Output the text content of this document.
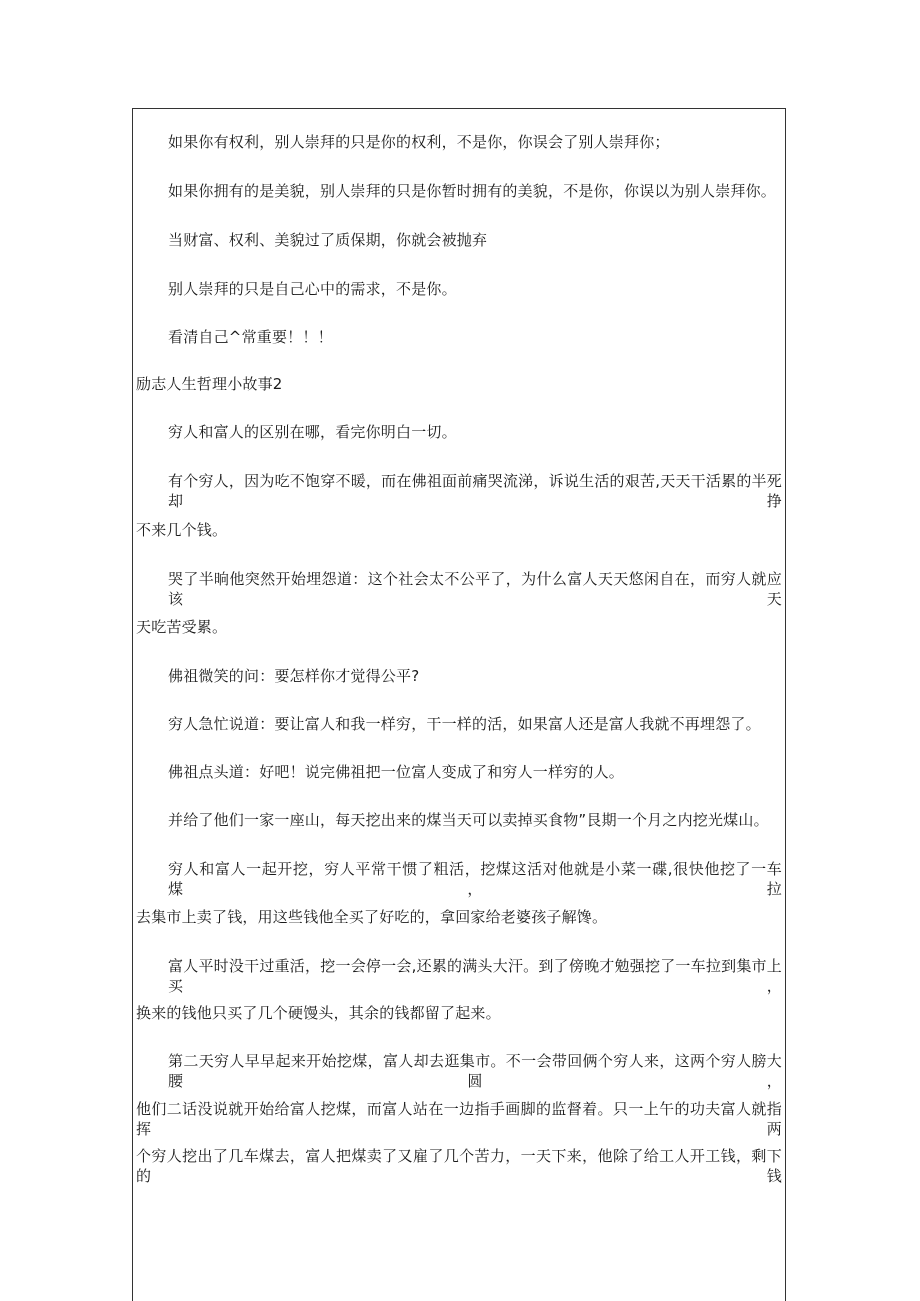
如果你有权利，别人崇拜的只是你的权利，不是你，你误会了别人崇拜你；
如果你拥有的是美貌，别人崇拜的只是你暂时拥有的美貌，不是你，你误以为别人崇拜你。
当财富、权利、美貌过了质保期，你就会被抛弃
别人崇拜的只是自己心中的需求，不是你。
看清自己^常重要！！！
励志人生哲理小故事2
穷人和富人的区别在哪，看完你明白一切。
有个穷人，因为吃不饱穿不暖，而在佛祖面前痛哭流涕，诉说生活的艰苦,天天干活累的半死却挣
不来几个钱。
哭了半晌他突然开始埋怨道：这个社会太不公平了，为什么富人天天悠闲自在，而穷人就应该天
天吃苦受累。
佛祖微笑的问：要怎样你才觉得公平?
穷人急忙说道：要让富人和我一样穷，干一样的活，如果富人还是富人我就不再埋怨了。
佛祖点头道：好吧！说完佛祖把一位富人变成了和穷人一样穷的人。
并给了他们一家一座山，每天挖出来的煤当天可以卖掉买食物”艮期一个月之内挖光煤山。
穷人和富人一起开挖，穷人平常干惯了粗活，挖煤这活对他就是小菜一碟,很快他挖了一车煤，拉
去集市上卖了钱，用这些钱他全买了好吃的，拿回家给老婆孩子解馋。
富人平时没干过重活，挖一会停一会,还累的满头大汗。到了傍晚才勉强挖了一车拉到集市上买，
换来的钱他只买了几个硬馒头，其余的钱都留了起来。
第二天穷人早早起来开始挖煤，富人却去逛集市。不一会带回俩个穷人来，这两个穷人膀大腰圆，
他们二话没说就开始给富人挖煤，而富人站在一边指手画脚的监督着。只一上午的功夫富人就指挥两
个穷人挖出了几车煤去，富人把煤卖了又雇了几个苦力，一天下来，他除了给工人开工钱，剩下的钱
